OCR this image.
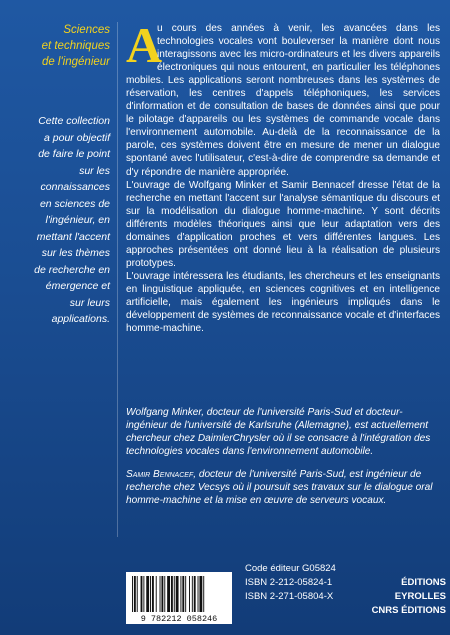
Sciences
et techniques
de l'ingénieur
Cette collection
a pour objectif
de faire le point
sur les
connaissances
en sciences de
l'ingénieur, en
mettant l'accent
sur les thèmes
de recherche en
émergence et
sur leurs
applications.

A
u cours des années à venir, les avancées dans les technologies vocales vont bouleverser la manière dont nous interagissons avec les micro-ordinateurs et les divers appareils électroniques qui nous entourent, en particulier les téléphones mobiles. Les applications seront nombreuses dans les systèmes de réservation, les centres d'appels téléphoniques, les services d'information et de consultation de bases de données ainsi que pour le pilotage d'appareils ou les systèmes de commande vocale dans l'environnement automobile. Au-delà de la reconnaissance de la parole, ces systèmes doivent être en mesure de mener un dialogue spontané avec l'utilisateur, c'est-à-dire de comprendre sa demande et d'y répondre de manière appropriée.

L'ouvrage de Wolfgang Minker et Samir Bennacef dresse l'état de la recherche en mettant l'accent sur l'analyse sémantique du discours et sur la modélisation du dialogue homme-machine. Y sont décrits différents modèles théoriques ainsi que leur adaptation vers des domaines d'application proches et vers différentes langues. Les approches présentées ont donné lieu à la réalisation de plusieurs prototypes.

L'ouvrage intéressera les étudiants, les chercheurs et les enseignants en linguistique appliquée, en sciences cognitives et en intelligence artificielle, mais également les ingénieurs impliqués dans le développement de systèmes de reconnaissance vocale et d'interfaces homme-machine.

Wolfgang Minker, docteur de l'université Paris-Sud et docteur-ingénieur de l'université de Karlsruhe (Allemagne), est actuellement chercheur chez DaimlerChrysler où il se consacre à l'intégration des technologies vocales dans l'environnement automobile.

Samir Bennacef, docteur de l'université Paris-Sud, est ingénieur de recherche chez Vecsys où il poursuit ses travaux sur le dialogue oral homme-machine et la mise en œuvre de serveurs vocaux.

9 782212 058246
Code éditeur G05824
ISBN 2-212-05824-1
ISBN 2-271-05804-X
ÉDITIONS EYROLLES
CNRS ÉDITIONS
